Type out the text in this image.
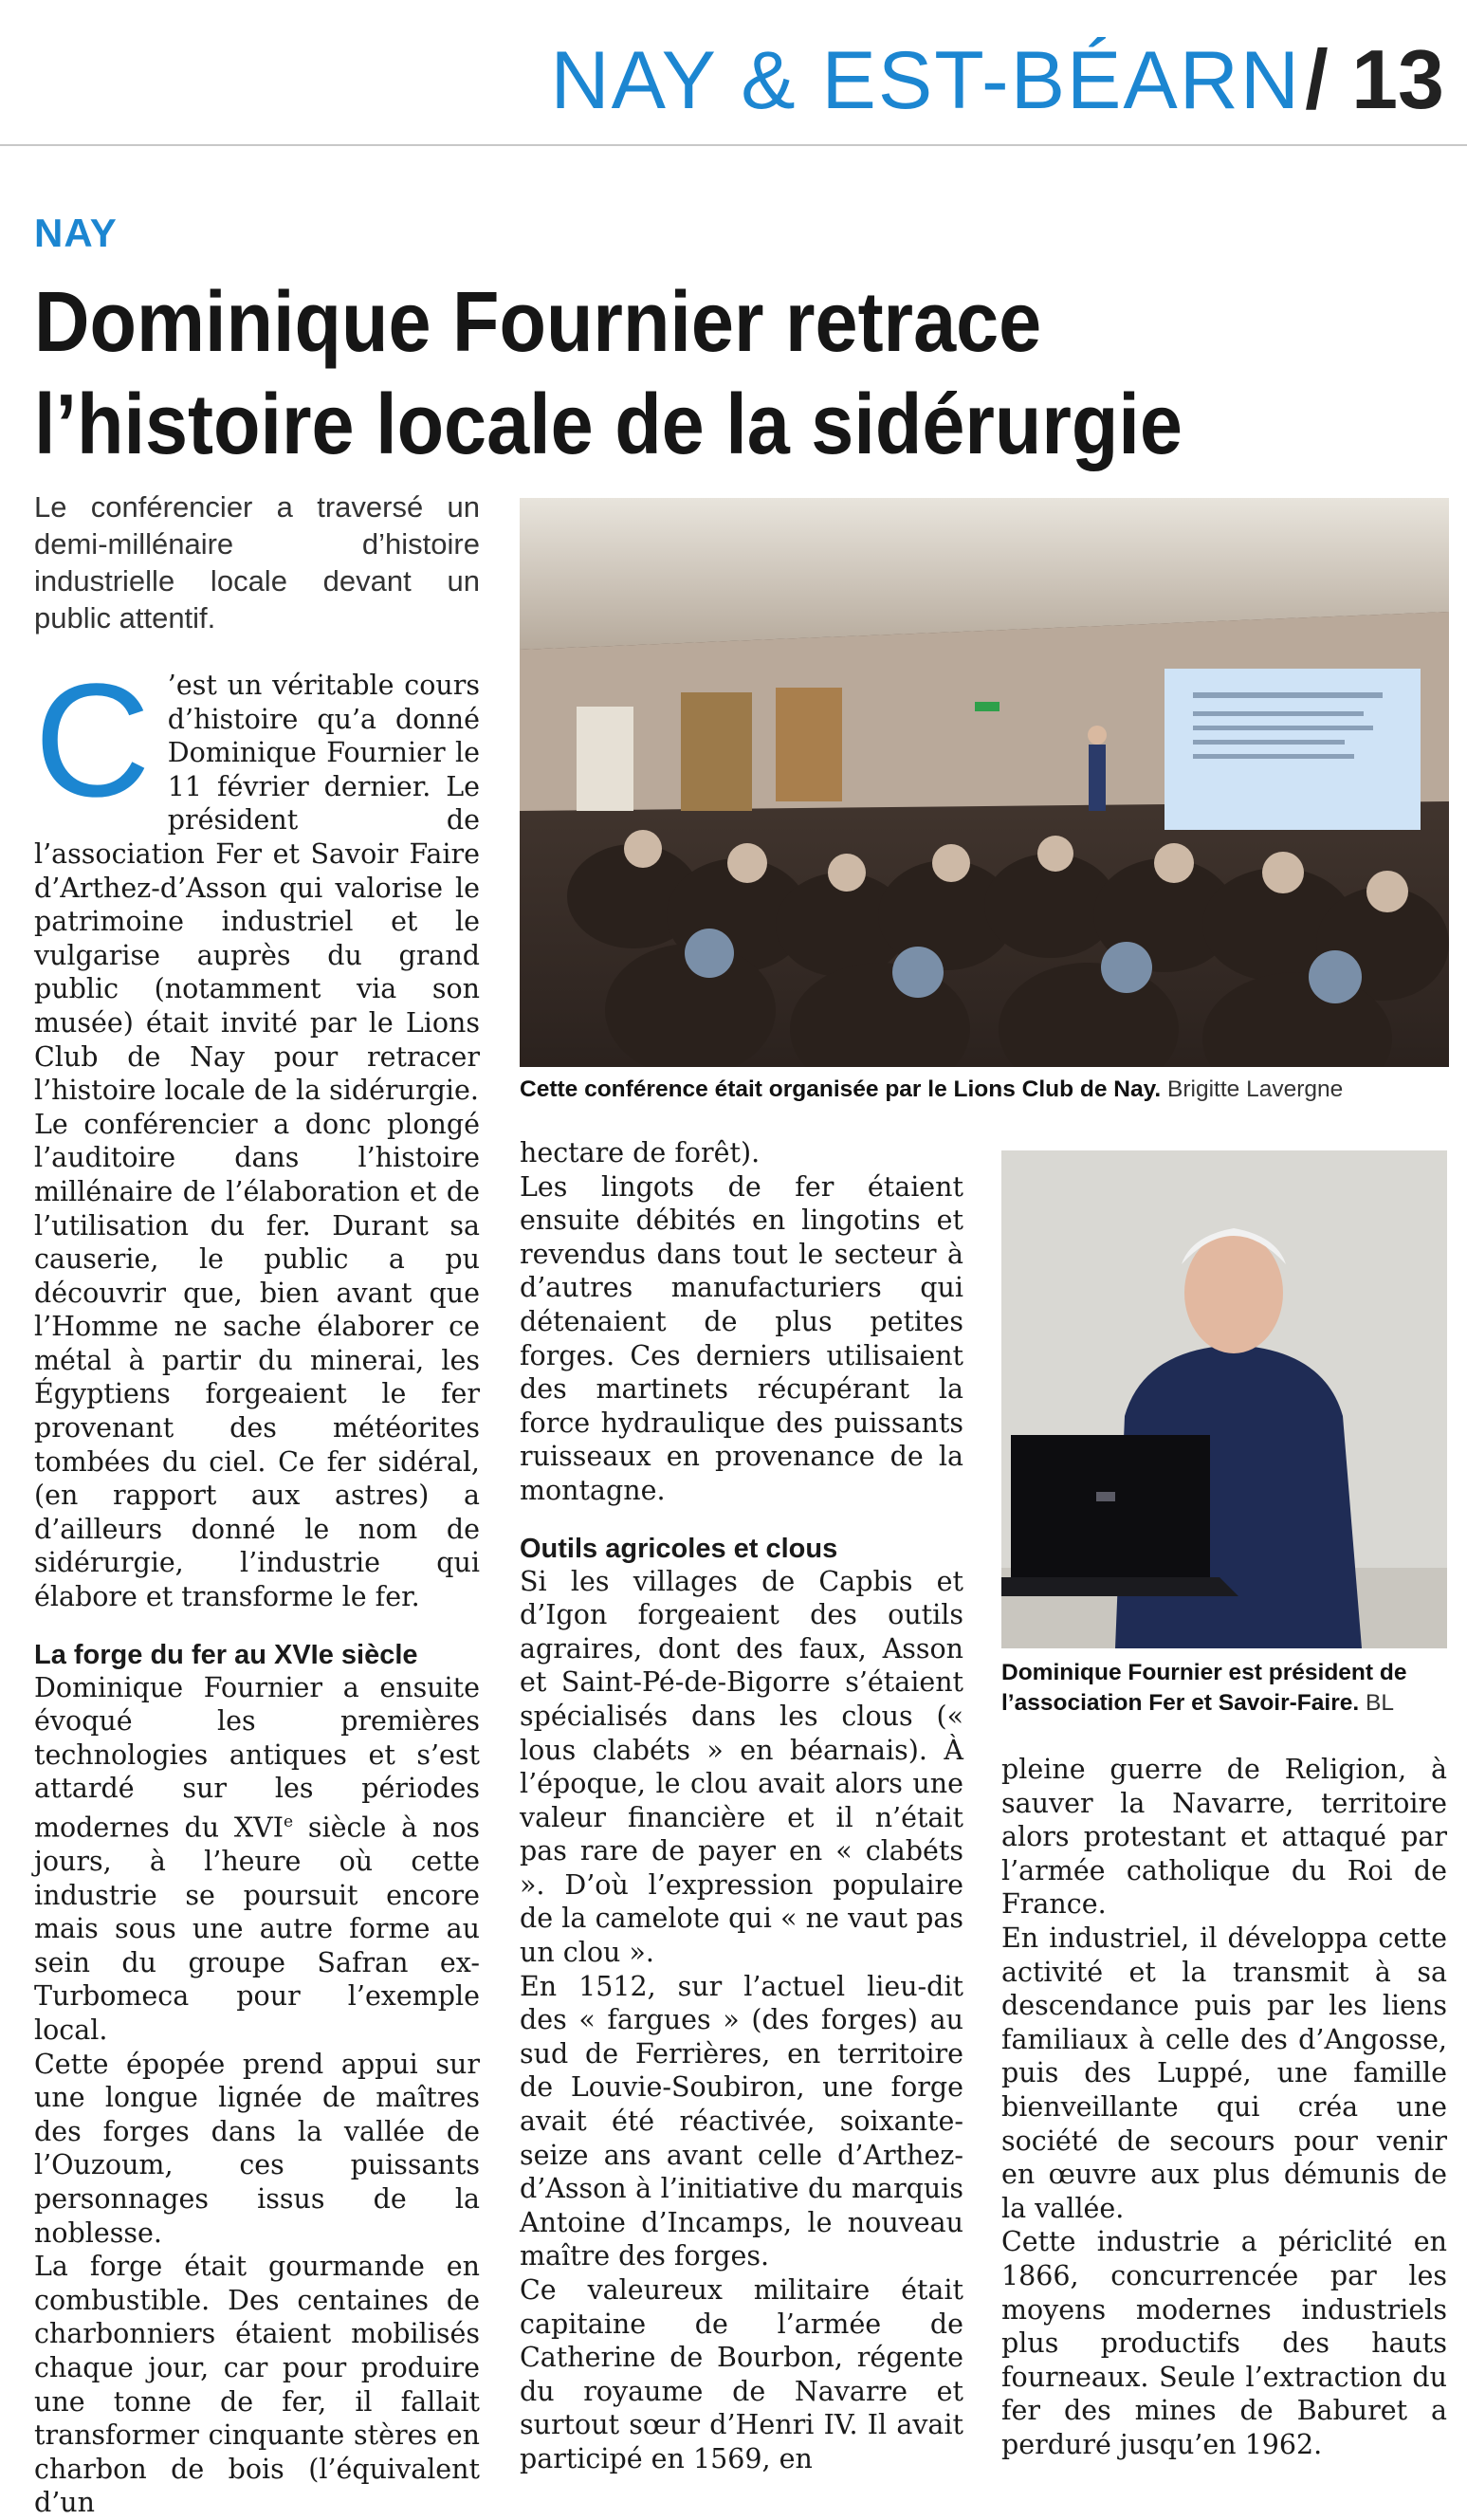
NAY & EST-BÉARN / 13
NAY
Dominique Fournier retrace l’histoire locale de la sidérurgie

Le conférencier a traversé un demi-millénaire d’histoire industrielle locale devant un public attentif.

C ’est un véritable cours d’histoire qu’a donné Dominique Fournier le 11 février dernier. Le président de l’association Fer et Savoir Faire d’Arthez-d’Asson qui valorise le patrimoine industriel et le vulgarise auprès du grand public (notamment via son musée) était invité par le Lions Club de Nay pour retracer l’histoire locale de la sidérurgie.

Le conférencier a donc plongé l’auditoire dans l’histoire millénaire de l’élaboration et de l’utilisation du fer. Durant sa causerie, le public a pu découvrir que, bien avant que l’Homme ne sache élaborer ce métal à partir du minerai, les Égyptiens forgeaient le fer provenant des météorites tombées du ciel. Ce fer sidéral, (en rapport aux astres) a d’ailleurs donné le nom de sidérurgie, l’industrie qui élabore et transforme le fer.

La forge du fer au XVIe siècle

Dominique Fournier a ensuite évoqué les premières technologies antiques et s’est attardé sur les périodes modernes du XVIe siècle à nos jours, à l’heure où cette industrie se poursuit encore mais sous une autre forme au sein du groupe Safran ex-Turbomeca pour l’exemple local.

Cette épopée prend appui sur une longue lignée de maîtres des forges dans la vallée de l’Ouzoum, ces puissants personnages issus de la noblesse.

La forge était gourmande en combustible. Des centaines de charbonniers étaient mobilisés chaque jour, car pour produire une tonne de fer, il fallait transformer cinquante stères en charbon de bois (l’équivalent d’un

Cette conférence était organisée par le Lions Club de Nay. Brigitte Lavergne

hectare de forêt).

Les lingots de fer étaient ensuite débités en lingotins et revendus dans tout le secteur à d’autres manufacturiers qui détenaient de plus petites forges. Ces derniers utilisaient des martinets récupérant la force hydraulique des puissants ruisseaux en provenance de la montagne.

Outils agricoles et clous

Si les villages de Capbis et d’Igon forgeaient des outils agraires, dont des faux, Asson et Saint-Pé-de-Bigorre s’étaient spécialisés dans les clous (« lous clabéts » en béarnais). À l’époque, le clou avait alors une valeur financière et il n’était pas rare de payer en « clabéts ». D’où l’expression populaire de la camelote qui « ne vaut pas un clou ».

En 1512, sur l’actuel lieu-dit des « fargues » (des forges) au sud de Ferrières, en territoire de Louvie-Soubiron, une forge avait été réactivée, soixante-seize ans avant celle d’Arthez-d’Asson à l’initiative du marquis Antoine d’Incamps, le nouveau maître des forges.

Ce valeureux militaire était capitaine de l’armée de Catherine de Bourbon, régente du royaume de Navarre et surtout sœur d’Henri IV. Il avait participé en 1569, en

Dominique Fournier est président de l’association Fer et Savoir-Faire. BL

pleine guerre de Religion, à sauver la Navarre, territoire alors protestant et attaqué par l’armée catholique du Roi de France.

En industriel, il développa cette activité et la transmit à sa descendance puis par les liens familiaux à celle des d’Angosse, puis des Luppé, une famille bienveillante qui créa une société de secours pour venir en œuvre aux plus démunis de la vallée.

Cette industrie a périclité en 1866, concurrencée par les moyens modernes industriels plus productifs des hauts fourneaux. Seule l’extraction du fer des mines de Baburet a perduré jusqu’en 1962.
